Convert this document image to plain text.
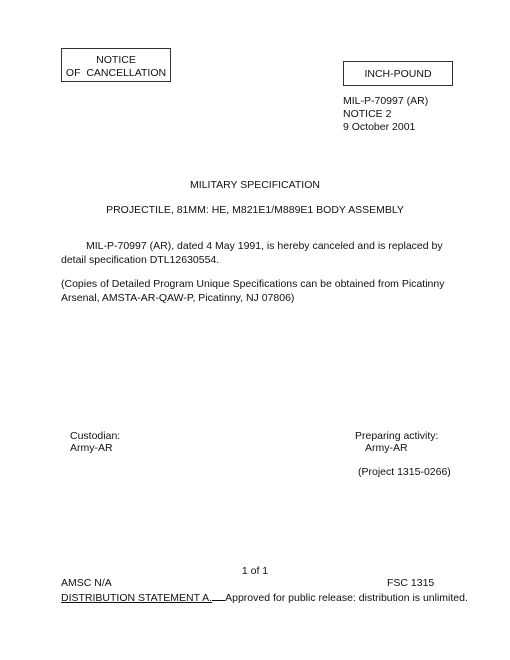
NOTICE
OF  CANCELLATION	INCH-POUND
MIL-P-70997 (AR)
NOTICE 2
9 October 2001
MILITARY SPECIFICATION
PROJECTILE, 81MM: HE, M821E1/M889E1 BODY ASSEMBLY
MIL-P-70997 (AR), dated 4 May 1991, is hereby canceled and is replaced by detail specification DTL12630554.
(Copies of Detailed Program Unique Specifications can be obtained from Picatinny Arsenal, AMSTA-AR-QAW-P, Picatinny, NJ 07806)
Custodian:
Army-AR
Preparing activity:
Army-AR
(Project 1315-0266)
1 of 1
AMSC N/A	FSC 1315
DISTRIBUTION STATEMENT A. Approved for public release: distribution is unlimited.
